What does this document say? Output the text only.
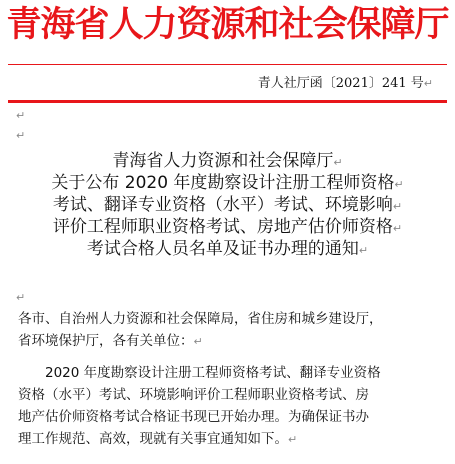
青海省人力资源和社会保障厅
青人社厅函〔2021〕241 号↵
↵
↵
青海省人力资源和社会保障厅↵
关于公布 2020 年度勘察设计注册工程师资格↵
考试、翻译专业资格（水平）考试、环境影响↵
评价工程师职业资格考试、房地产估价师资格↵
考试合格人员名单及证书办理的通知↵
↵
各市、自治州人力资源和社会保障局，省住房和城乡建设厅，
省环境保护厅，各有关单位：↵
　　2020 年度勘察设计注册工程师资格考试、翻译专业资格
资格（水平）考试、环境影响评价工程师职业资格考试、房
地产估价师资格考试合格证书现已开始办理。为确保证书办
理工作规范、高效，现就有关事宜通知如下。↵
